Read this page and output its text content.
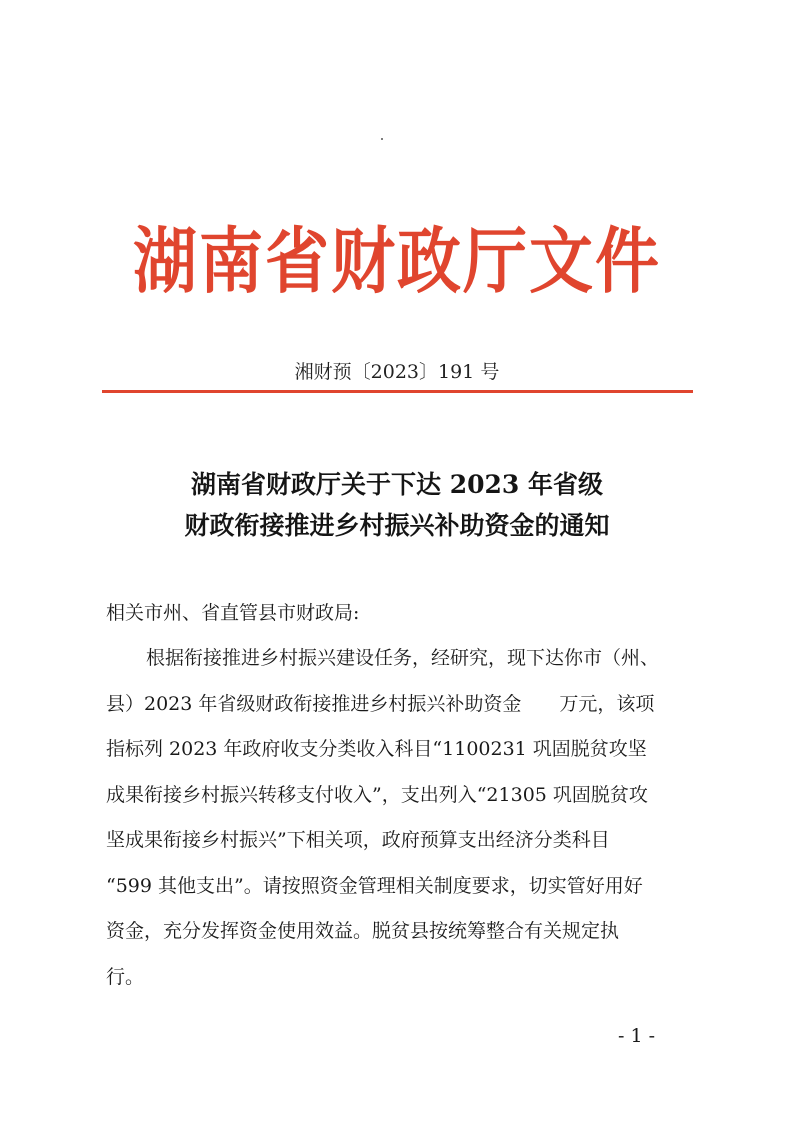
湖南省财政厅文件
湘财预〔2023〕191 号
湖南省财政厅关于下达 2023 年省级
财政衔接推进乡村振兴补助资金的通知
相关市州、省直管县市财政局:
根据衔接推进乡村振兴建设任务，经研究，现下达你市（州、
县）2023 年省级财政衔接推进乡村振兴补助资金　　万元，该项
指标列 2023 年政府收支分类收入科目“1100231 巩固脱贫攻坚
成果衔接乡村振兴转移支付收入”，支出列入“21305 巩固脱贫攻
坚成果衔接乡村振兴”下相关项，政府预算支出经济分类科目
“599 其他支出”。请按照资金管理相关制度要求，切实管好用好
资金，充分发挥资金使用效益。脱贫县按统筹整合有关规定执
行。
- 1 -
